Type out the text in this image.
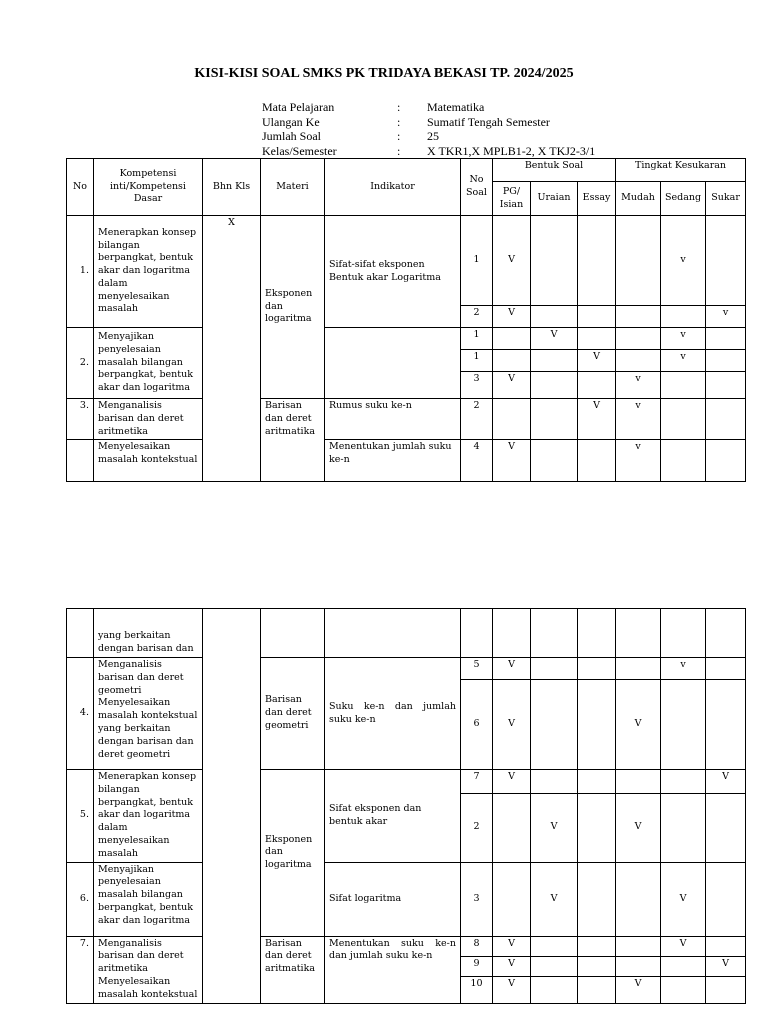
KISI-KISI SOAL SMKS PK TRIDAYA BEKASI TP. 2024/2025
Mata Pelajaran	:	Matematika
Ulangan Ke	:	Sumatif Tengah Semester
Jumlah Soal	:	25
Kelas/Semester	:	X TKR1,X MPLB1-2, X TKJ2-3/1
No	Kompetensi inti/Kompetensi Dasar	Bhn Kls	Materi	Indikator	No Soal	Bentuk Soal			Tingkat Kesukaran		
						PG/ Isian	Uraian	Essay	Mudah	Sedang	Sukar
1.	Menerapkan konsep bilangan berpangkat, bentuk akar dan logaritma dalam menyelesaikan masalah	X	Eksponen dan logaritma	Sifat-sifat eksponen Bentuk akar Logaritma	1	V				v	
					2	V					v
2.	Menyajikan penyelesaian masalah bilangan berpangkat, bentuk akar dan logaritma				1		V			v	
					1			V		v	
					3	V			v		
3.	Menganalisis barisan dan deret aritmetika		Barisan dan deret aritmatika	Rumus suku ke-n	2			V	v		
	Menyelesaikan masalah kontekstual			Menentukan jumlah suku ke-n	4	V			v		
	yang berkaitan dengan barisan dan										
4.	Menganalisis barisan dan deret geometri Menyelesaikan masalah kontekstual yang berkaitan dengan barisan dan deret geometri		Barisan dan deret geometri	Suku ke-n dan jumlah suku ke-n	5	V				v	
					6	V			V		
5.	Menerapkan konsep bilangan berpangkat, bentuk akar dan logaritma dalam menyelesaikan masalah		Eksponen dan logaritma	Sifat eksponen dan bentuk akar	7	V					V
					2		V		V		
6.	Menyajikan penyelesaian masalah bilangan berpangkat, bentuk akar dan logaritma			Sifat logaritma	3		V			V	
7.	Menganalisis barisan dan deret aritmetika Menyelesaikan masalah kontekstual		Barisan dan deret aritmatika	Menentukan suku ke-n dan jumlah suku ke-n	8	V				V	
					9	V					V
					10	V			V		
